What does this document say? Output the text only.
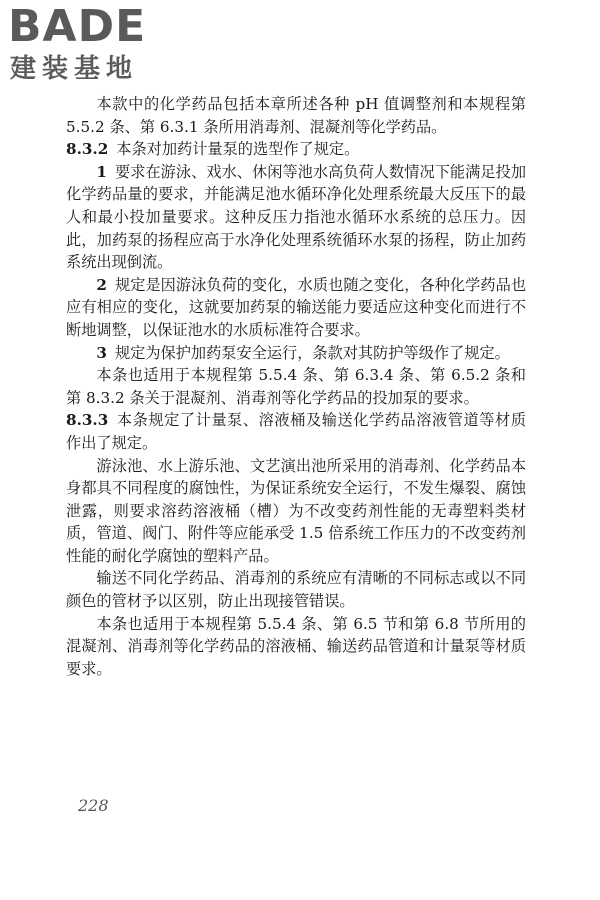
BADE
建装基地

本款中的化学药品包括本章所述各种 pH 值调整剂和本规程第 5.5.2 条、第 6.3.1 条所用消毒剂、混凝剂等化学药品。

8.3.2 本条对加药计量泵的选型作了规定。

1 要求在游泳、戏水、休闲等池水高负荷人数情况下能满足投加化学药品量的要求，并能满足池水循环净化处理系统最大反压下的最人和最小投加量要求。这种反压力指池水循环水系统的总压力。因此，加药泵的扬程应高于水净化处理系统循环水泵的扬程，防止加药系统出现倒流。

2 规定是因游泳负荷的变化，水质也随之变化，各种化学药品也应有相应的变化，这就要加药泵的输送能力要适应这种变化而进行不断地调整，以保证池水的水质标准符合要求。

3 规定为保护加药泵安全运行，条款对其防护等级作了规定。

本条也适用于本规程第 5.5.4 条、第 6.3.4 条、第 6.5.2 条和第 8.3.2 条关于混凝剂、消毒剂等化学药品的投加泵的要求。

8.3.3 本条规定了计量泵、溶液桶及输送化学药品溶液管道等材质作出了规定。

游泳池、水上游乐池、文艺演出池所采用的消毒剂、化学药品本身都具不同程度的腐蚀性，为保证系统安全运行，不发生爆裂、腐蚀泄露，则要求溶药溶液桶（槽）为不改变药剂性能的无毒塑料类材质，管道、阀门、附件等应能承受 1.5 倍系统工作压力的不改变药剂性能的耐化学腐蚀的塑料产品。

输送不同化学药品、消毒剂的系统应有清晰的不同标志或以不同颜色的管材予以区别，防止出现接管错误。

本条也适用于本规程第 5.5.4 条、第 6.5 节和第 6.8 节所用的混凝剂、消毒剂等化学药品的溶液桶、输送药品管道和计量泵等材质要求。

228
